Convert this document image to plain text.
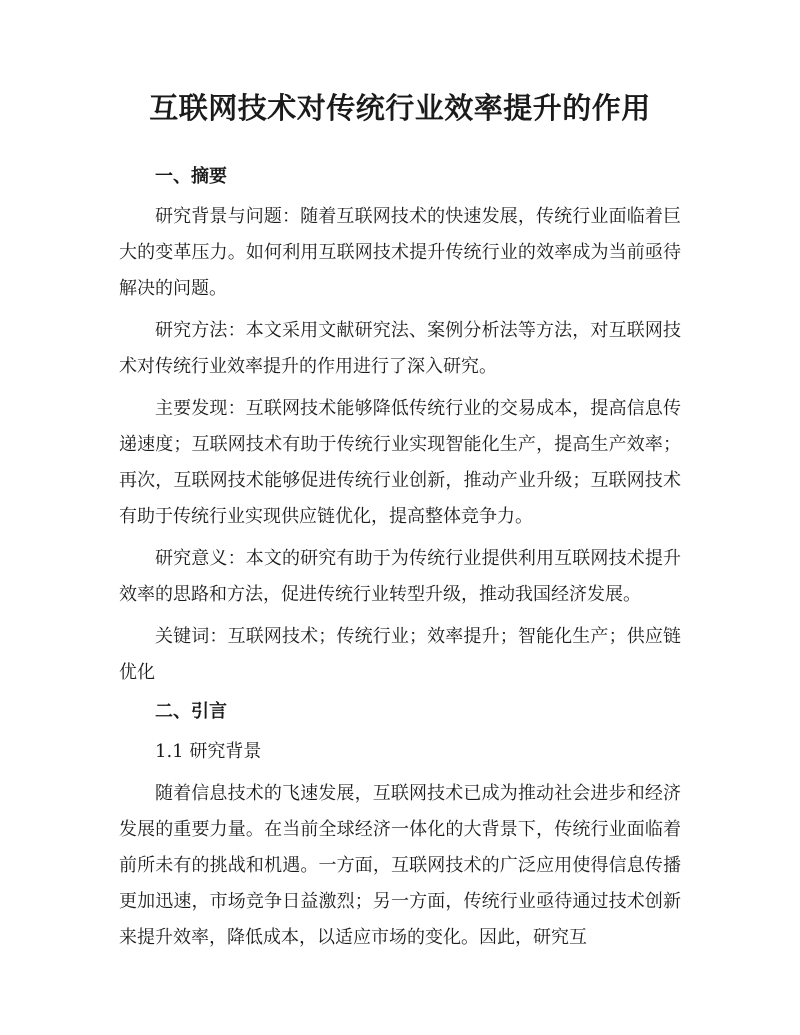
互联网技术对传统行业效率提升的作用
一、摘要

研究背景与问题：随着互联网技术的快速发展，传统行业面临着巨大的变革压力。如何利用互联网技术提升传统行业的效率成为当前亟待解决的问题。

研究方法：本文采用文献研究法、案例分析法等方法，对互联网技术对传统行业效率提升的作用进行了深入研究。

主要发现：互联网技术能够降低传统行业的交易成本，提高信息传递速度；互联网技术有助于传统行业实现智能化生产，提高生产效率；再次，互联网技术能够促进传统行业创新，推动产业升级；互联网技术有助于传统行业实现供应链优化，提高整体竞争力。

研究意义：本文的研究有助于为传统行业提供利用互联网技术提升效率的思路和方法，促进传统行业转型升级，推动我国经济发展。

关键词：互联网技术；传统行业；效率提升；智能化生产；供应链优化

二、引言
1.1 研究背景

随着信息技术的飞速发展，互联网技术已成为推动社会进步和经济发展的重要力量。在当前全球经济一体化的大背景下，传统行业面临着前所未有的挑战和机遇。一方面，互联网技术的广泛应用使得信息传播更加迅速，市场竞争日益激烈；另一方面，传统行业亟待通过技术创新来提升效率，降低成本，以适应市场的变化。因此，研究互
